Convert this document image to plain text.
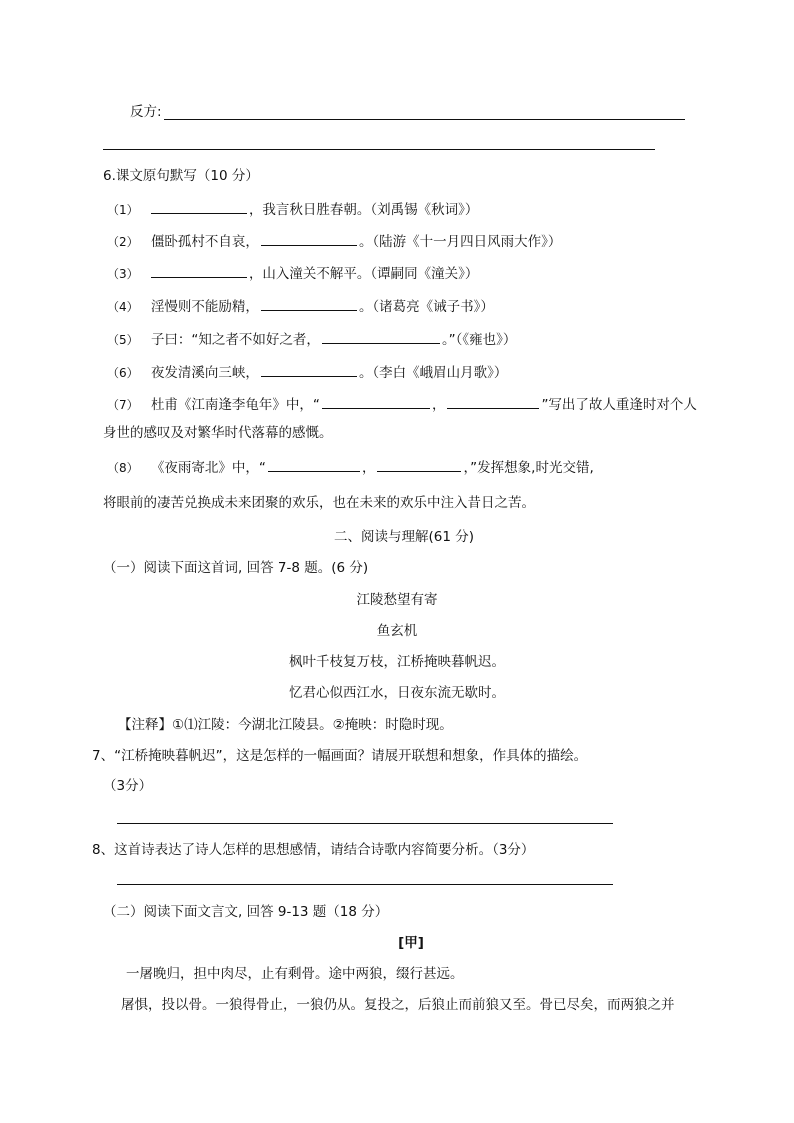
反方:
6.课文原句默写（10 分）
（1）	，我言秋日胜春朝。（刘禹锡《秋词》）
（2） 僵卧孤村不自哀，	。（陆游《十一月四日风雨大作》）
（3）	，山入潼关不解平。（谭嗣同《潼关》）
（4） 淫慢则不能励精，	。（诸葛亮《诫子书》）
（5） 子曰：“知之者不如好之者，	。”（《雍也》）
（6） 夜发清溪向三峡，	。（李白《峨眉山月歌》）
（7） 杜甫《江南逢李龟年》中，“	，	”写出了故人重逢时对个人
身世的感叹及对繁华时代落幕的感慨。
（8） 《夜雨寄北》中，“	，	，”发挥想象,时光交错,
将眼前的凄苦兑换成未来团聚的欢乐，也在未来的欢乐中注入昔日之苦。
二、阅读与理解(61 分)
（一）阅读下面这首词, 回答 7-8 题。(6 分)
江陵愁望有寄
鱼玄机
枫叶千枝复万枝，江桥掩映暮帆迟。
忆君心似西江水，日夜东流无歇时。
【注释】①⑴江陵：今湖北江陵县。②掩映：时隐时现。
7、“江桥掩映暮帆迟”，这是怎样的一幅画面？请展开联想和想象，作具体的描绘。
（3分）
8、这首诗表达了诗人怎样的思想感情，请结合诗歌内容简要分析。（3分）
（二）阅读下面文言文, 回答 9-13 题（18 分）
[甲]
一屠晚归，担中肉尽，止有剩骨。途中两狼，缀行甚远。
屠惧，投以骨。一狼得骨止，一狼仍从。复投之，后狼止而前狼又至。骨已尽矣，而两狼之并
